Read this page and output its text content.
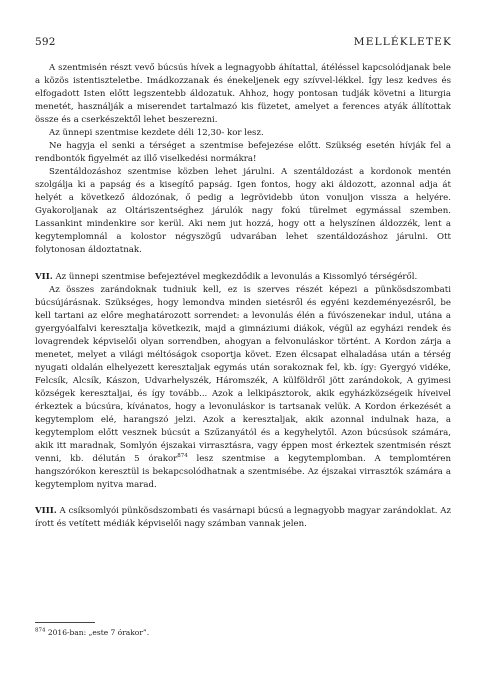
592	MELLÉKLETEK

A szentmisén részt vevő búcsús hívek a legnagyobb áhítattal, átéléssel kapcsolódjanak bele a közös istentiszteletbe. Imádkozzanak és énekeljenek egy szívvel-lékkel. Így lesz kedves és elfogadott Isten előtt legszentebb áldozatuk. Ahhoz, hogy pontosan tudják követni a liturgia menetét, használják a miserendet tartalmazó kis füzetet, amelyet a ferences atyák állítottak össze és a cserkészektől lehet beszerezni.

Az ünnepi szentmise kezdete déli 12,30- kor lesz.

Ne hagyja el senki a térséget a szentmise befejezése előtt. Szükség esetén hívják fel a rendbontók figyelmét az illő viselkedési normákra!

Szentáldozáshoz szentmise közben lehet járulni. A szentáldozást a kordonok mentén szolgálja ki a papság és a kisegítő papság. Igen fontos, hogy aki áldozott, azonnal adja át helyét a következő áldozónak, ő pedig a legrövidebb úton vonuljon vissza a helyére. Gyakoroljanak az Oltáriszentséghez járulók nagy fokú türelmet egymással szemben. Lassankint mindenkire sor kerül. Aki nem jut hozzá, hogy ott a helyszínen áldozzék, lent a kegytemplomnál a kolostor négyszögű udvarában lehet szentáldozáshoz járulni. Ott folytonosan áldoztatnak.

VII. Az ünnepi szentmise befejeztével megkezdődik a levonulás a Kissomlyó térségéről.

Az összes zarándoknak tudniuk kell, ez is szerves részét képezi a pünkösdszombati búcsújárásnak. Szükséges, hogy lemondva minden sietésről és egyéni kezdeményezésről, be kell tartani az előre meghatározott sorrendet: a levonulás élén a fúvószenekar indul, utána a gyergyóalfalvi keresztalja következik, majd a gimnáziumi diákok, végül az egyházi rendek és lovagrendek képviselői olyan sorrendben, ahogyan a felvonuláskor történt. A Kordon zárja a menetet, melyet a világi méltóságok csoportja követ. Ezen élcsapat elhaladása után a térség nyugati oldalán elhelyezett keresztaljak egymás után sorakoznak fel, kb. így: Gyergyó vidéke, Felcsík, Alcsík, Kászon, Udvarhelyszék, Háromszék, A külföldről jött zarándokok, A gyimesi községek keresztaljai, és így tovább... Azok a lelkipásztorok, akik egyházközségeik híveivel érkeztek a búcsúra, kívánatos, hogy a levonuláskor is tartsanak velük. A Kordon érkezését a kegytemplom elé, harangszó jelzi. Azok a keresztaljak, akik azonnal indulnak haza, a kegytemplom előtt vesznek búcsút a Szűzanyától és a kegyhelytől. Azon búcsúsok számára, akik itt maradnak, Somlyón éjszakai virrasztásra, vagy éppen most érkeztek szentmisén részt venni, kb. délután 5 órakor$^{874}$ lesz szentmise a kegytemplomban. A templomtéren hangszórókon keresztül is bekapcsolódhatnak a szentmisébe. Az éjszakai virrasztók számára a kegytemplom nyitva marad.

VIII. A csíksomlyói pünkösdszombati és vasárnapi búcsú a legnagyobb magyar zarándoklat. Az írott és vetített médiák képviselői nagy számban vannak jelen.

$^{874}$ 2016-ban: „este 7 órakor”.
